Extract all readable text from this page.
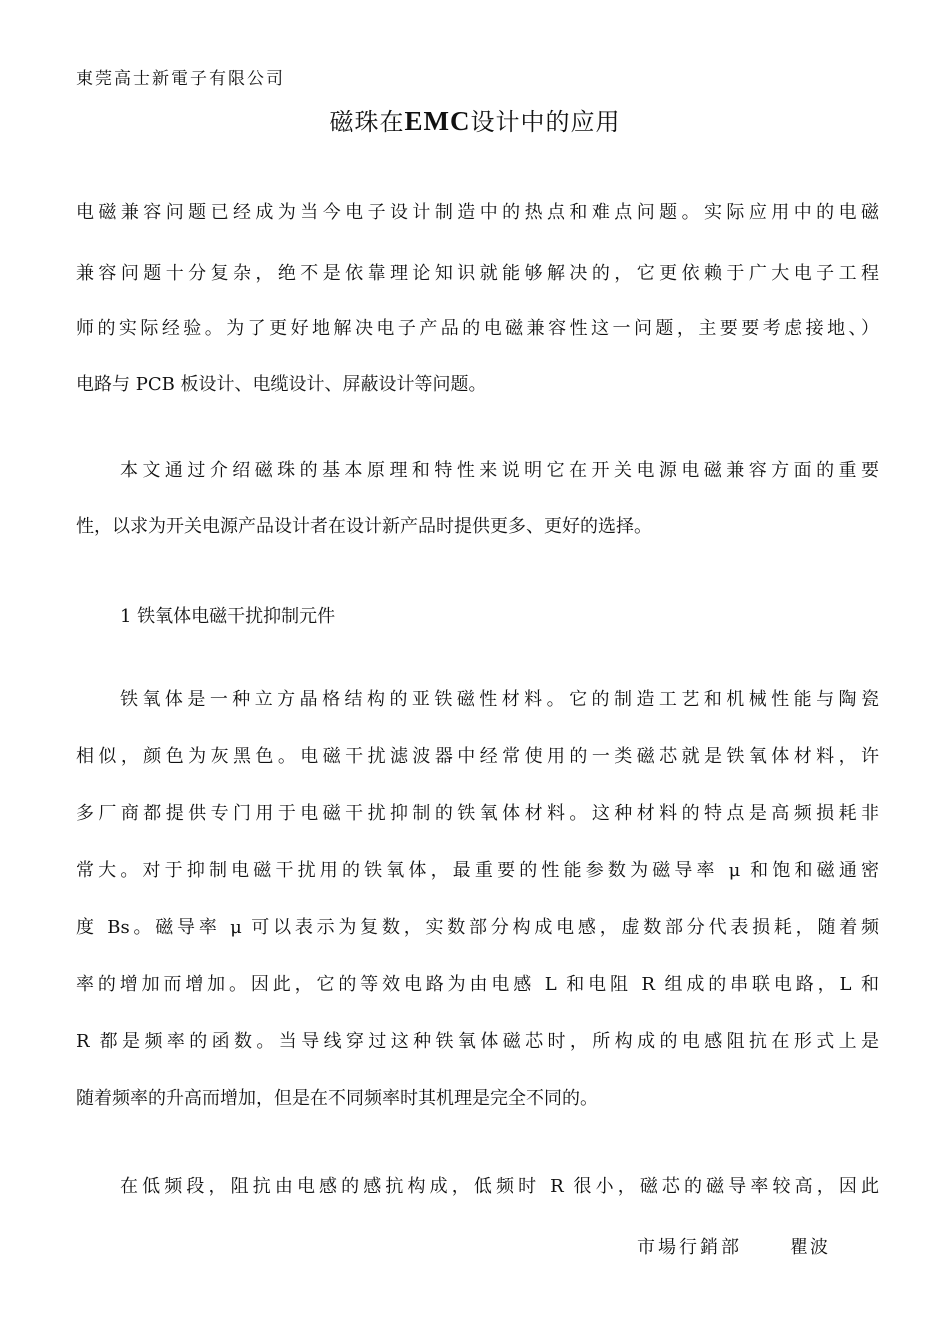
東莞高士新電子有限公司
磁珠在EMC设计中的应用
电磁兼容问题已经成为当今电子设计制造中的热点和难点问题。实际应用中的电磁
兼容问题十分复杂，绝不是依靠理论知识就能够解决的，它更依赖于广大电子工程
师的实际经验。为了更好地解决电子产品的电磁兼容性这一问题，主要要考虑接地、）
电路与 PCB 板设计、电缆设计、屏蔽设计等问题。
本文通过介绍磁珠的基本原理和特性来说明它在开关电源电磁兼容方面的重要
性，以求为开关电源产品设计者在设计新产品时提供更多、更好的选择。
1 铁氧体电磁干扰抑制元件
铁氧体是一种立方晶格结构的亚铁磁性材料。它的制造工艺和机械性能与陶瓷
相似，颜色为灰黑色。电磁干扰滤波器中经常使用的一类磁芯就是铁氧体材料，许
多厂商都提供专门用于电磁干扰抑制的铁氧体材料。这种材料的特点是高频损耗非
常大。对于抑制电磁干扰用的铁氧体，最重要的性能参数为磁导率 μ 和饱和磁通密
度 Bs。磁导率 μ 可以表示为复数，实数部分构成电感，虚数部分代表损耗，随着频
率的增加而增加。因此，它的等效电路为由电感 L 和电阻 R 组成的串联电路，L 和
R 都是频率的函数。当导线穿过这种铁氧体磁芯时，所构成的电感阻抗在形式上是
随着频率的升高而增加，但是在不同频率时其机理是完全不同的。
在低频段，阻抗由电感的感抗构成，低频时 R 很小，磁芯的磁导率较高，因此
市場行銷部	瞿波
